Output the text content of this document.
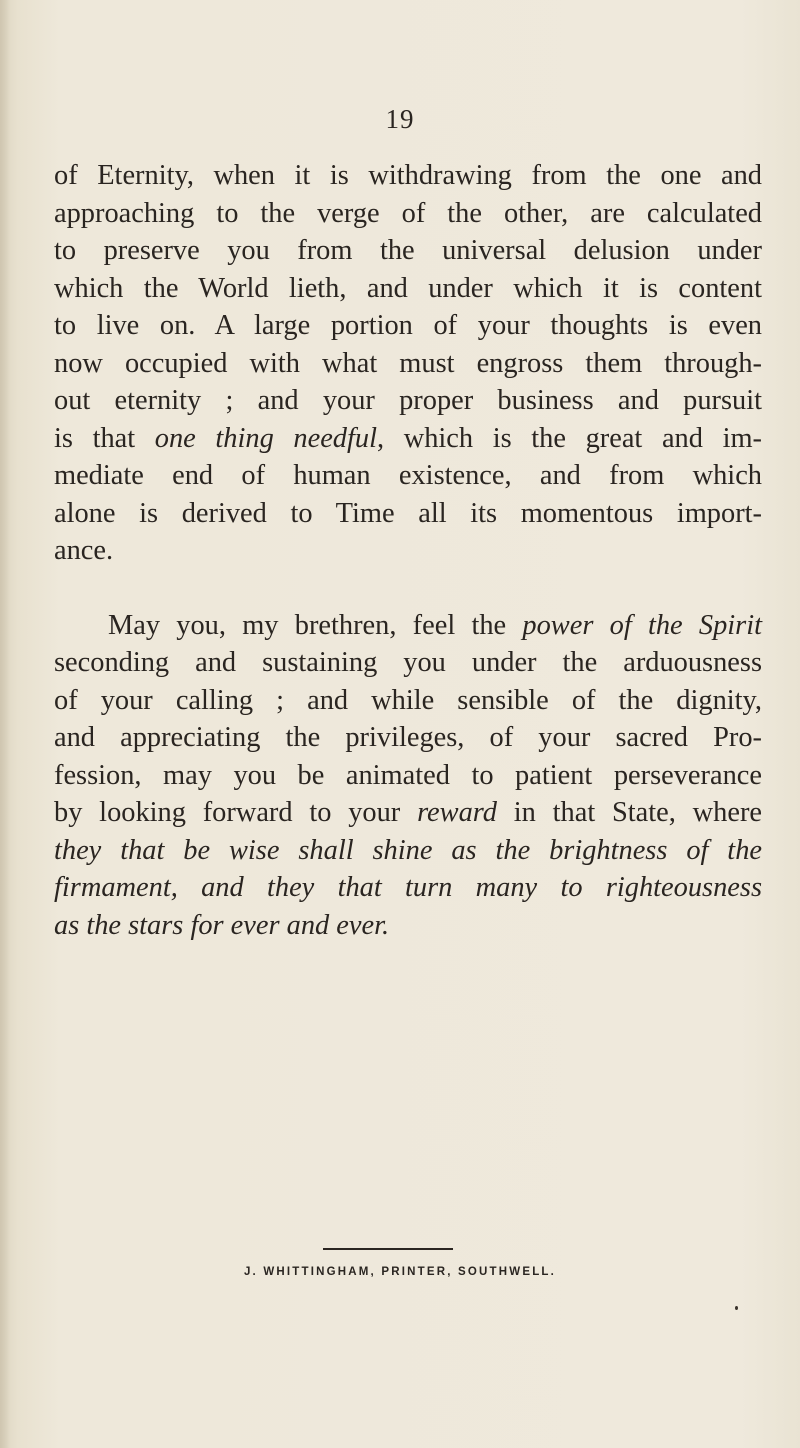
19
of Eternity, when it is withdrawing from the one and
approaching to the verge of the other, are calculated
to preserve you from the universal delusion under
which the World lieth, and under which it is content
to live on. A large portion of your thoughts is even
now occupied with what must engross them through-
out eternity ; and your proper business and pursuit
is that one thing needful, which is the great and im-
mediate end of human existence, and from which
alone is derived to Time all its momentous import-
ance.
May you, my brethren, feel the power of the Spirit
seconding and sustaining you under the arduousness
of your calling ; and while sensible of the dignity,
and appreciating the privileges, of your sacred Pro-
fession, may you be animated to patient perseverance
by looking forward to your reward in that State, where
they that be wise shall shine as the brightness of the
firmament, and they that turn many to righteousness
as the stars for ever and ever.
J. WHITTINGHAM, PRINTER, SOUTHWELL.
